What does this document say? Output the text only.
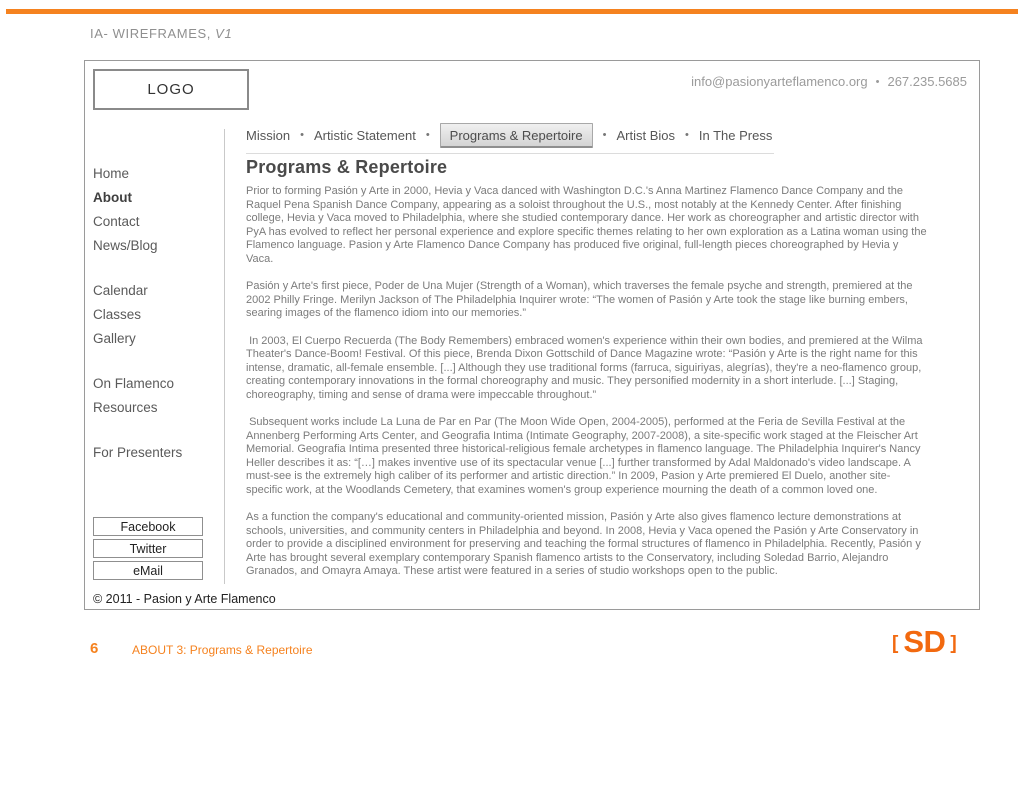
IA- WIREFRAMES, V1
LOGO	info@pasionyarteflamenco.org • 267.235.5685
Mission • Artistic Statement •	Programs & Repertoire	• Artist Bios • In The Press
Home
About
Contact
News/Blog
Calendar
Classes
Gallery
On Flamenco
Resources
For Presenters
Facebook
Twitter
eMail
Programs & Repertoire

Prior to forming Pasión y Arte in 2000, Hevia y Vaca danced with Washington D.C.'s Anna Martinez Flamenco Dance Company and the Raquel Pena Spanish Dance Company, appearing as a soloist throughout the U.S., most notably at the Kennedy Center. After finishing college, Hevia y Vaca moved to Philadelphia, where she studied contemporary dance. Her work as choreographer and artistic director with PyA has evolved to reflect her personal experience and explore specific themes relating to her own exploration as a Latina woman using the Flamenco language. Pasion y Arte Flamenco Dance Company has produced five original, full-length pieces choreographed by Hevia y Vaca.

Pasión y Arte's first piece, Poder de Una Mujer (Strength of a Woman), which traverses the female psyche and strength, premiered at the 2002 Philly Fringe. Merilyn Jackson of The Philadelphia Inquirer wrote: “The women of Pasión y Arte took the stage like burning embers, searing images of the flamenco idiom into our memories.”

In 2003, El Cuerpo Recuerda (The Body Remembers) embraced women's experience within their own bodies, and premiered at the Wilma Theater's Dance-Boom! Festival. Of this piece, Brenda Dixon Gottschild of Dance Magazine wrote: “Pasión y Arte is the right name for this intense, dramatic, all-female ensemble. [...] Although they use traditional forms (farruca, siguiriyas, alegrías), they're a neo-flamenco group, creating contemporary innovations in the formal choreography and music. They personified modernity in a short interlude. [...] Staging, choreography, timing and sense of drama were impeccable throughout.”

Subsequent works include La Luna de Par en Par (The Moon Wide Open, 2004-2005), performed at the Feria de Sevilla Festival at the Annenberg Performing Arts Center, and Geografia Intima (Intimate Geography, 2007-2008), a site-specific work staged at the Fleischer Art Memorial. Geografia Intima presented three historical-religious female archetypes in flamenco language. The Philadelphia Inquirer's Nancy Heller describes it as: “[…] makes inventive use of its spectacular venue [...] further transformed by Adal Maldonado's video landscape. A must-see is the extremely high caliber of its performer and artistic direction.” In 2009, Pasion y Arte premiered El Duelo, another site-specific work, at the Woodlands Cemetery, that examines women's group experience mourning the death of a common loved one.

As a function the company's educational and community-oriented mission, Pasión y Arte also gives flamenco lecture demonstrations at schools, universities, and community centers in Philadelphia and beyond. In 2008, Hevia y Vaca opened the Pasión y Arte Conservatory in order to provide a disciplined environment for preserving and teaching the formal structures of flamenco in Philadelphia. Recently, Pasión y Arte has brought several exemplary contemporary Spanish flamenco artists to the Conservatory, including Soledad Barrio, Alejandro Granados, and Omayra Amaya. These artist were featured in a series of studio workshops open to the public.

© 2011 - Pasion y Arte Flamenco
6	ABOUT 3: Programs & Repertoire	[ SD ]
